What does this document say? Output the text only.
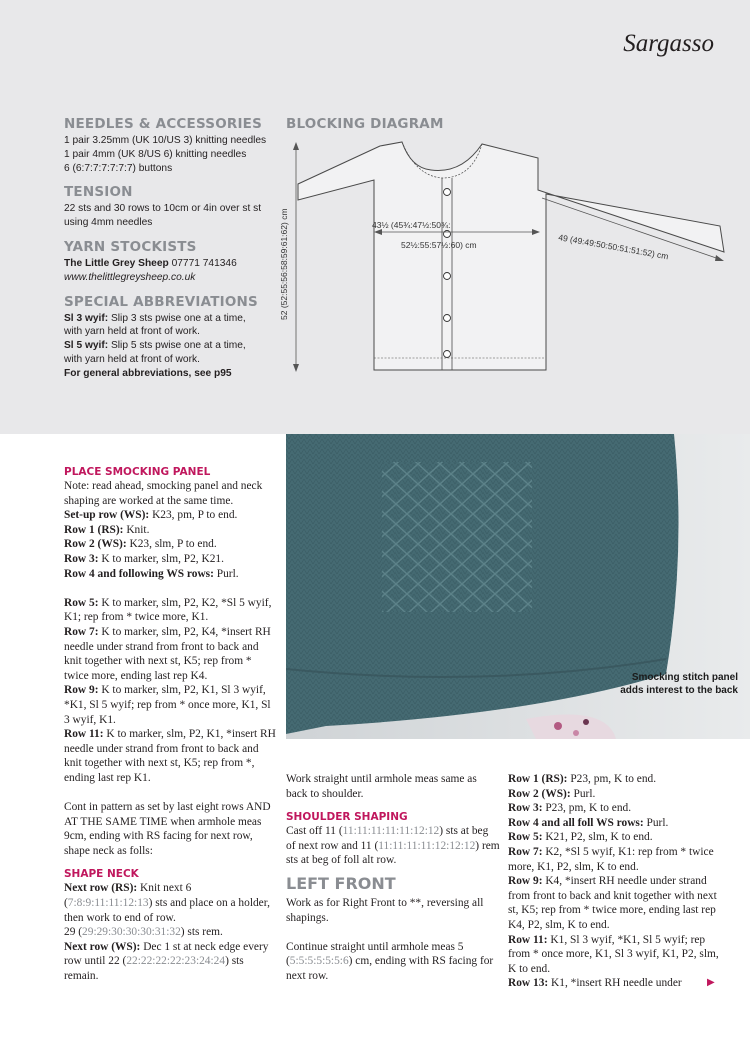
Sargasso
NEEDLES & ACCESSORIES

1 pair 3.25mm (UK 10/US 3) knitting needles

1 pair 4mm (UK 8/US 6) knitting needles

6 (6:7:7:7:7:7:7) buttons

TENSION

22 sts and 30 rows to 10cm or 4in over st st

using 4mm needles

YARN STOCKISTS

The Little Grey Sheep 07771 741346

www.thelittlegreysheep.co.uk

SPECIAL ABBREVIATIONS

Sl 3 wyif: Slip 3 sts pwise one at a time,

with yarn held at front of work.

Sl 5 wyif: Slip 5 sts pwise one at a time,

with yarn held at front of work.

For general abbreviations, see p95

BLOCKING DIAGRAM
52 (52:55:56:58:59:61:62) cm	43½ (45¾:47½:50¾:
52½:55:57½:60) cm	49 (49:49:50:50:51:51:52) cm
Smocking stitch panel adds interest to the back
PLACE SMOCKING PANEL

Note: read ahead, smocking panel and neck shaping are worked at the same time.

Set-up row (WS): K23, pm, P to end.

Row 1 (RS): Knit.

Row 2 (WS): K23, slm, P to end.

Row 3: K to marker, slm, P2, K21.

Row 4 and following WS rows: Purl.

Row 5: K to marker, slm, P2, K2, *Sl 5 wyif, K1; rep from * twice more, K1.

Row 7: K to marker, slm, P2, K4, *insert RH needle under strand from front to back and knit together with next st, K5; rep from * twice more, ending last rep K4.

Row 9: K to marker, slm, P2, K1, Sl 3 wyif, *K1, Sl 5 wyif; rep from * once more, K1, Sl 3 wyif, K1.

Row 11: K to marker, slm, P2, K1, *insert RH needle under strand from front to back and knit together with next st, K5; rep from *, ending last rep K1.

Cont in pattern as set by last eight rows AND AT THE SAME TIME when armhole meas 9cm, ending with RS facing for next row, shape neck as folls:

SHAPE NECK

Next row (RS): Knit next 6 (7:8:9:11:11:12:13) sts and place on a holder, then work to end of row.

29 (29:29:30:30:30:31:32) sts rem.

Next row (WS): Dec 1 st at neck edge every row until 22 (22:22:22:22:23:24:24) sts remain.

Work straight until armhole meas same as back to shoulder.

SHOULDER SHAPING

Cast off 11 (11:11:11:11:11:12:12) sts at beg of next row and 11 (11:11:11:11:12:12:12) rem sts at beg of foll alt row.

LEFT FRONT

Work as for Right Front to **, reversing all shapings.

Continue straight until armhole meas 5 (5:5:5:5:5:5:6) cm, ending with RS facing for next row.

Row 1 (RS): P23, pm, K to end.

Row 2 (WS): Purl.

Row 3: P23, pm, K to end.

Row 4 and all foll WS rows: Purl.

Row 5: K21, P2, slm, K to end.

Row 7: K2, *Sl 5 wyif, K1: rep from * twice more, K1, P2, slm, K to end.

Row 9: K4, *insert RH needle under strand from front to back and knit together with next st, K5; rep from * twice more, ending last rep K4, P2, slm, K to end.

Row 11: K1, Sl 3 wyif, *K1, Sl 5 wyif; rep from * once more, K1, Sl 3 wyif, K1, P2, slm, K to end.

Row 13: K1, *insert RH needle under	▶
